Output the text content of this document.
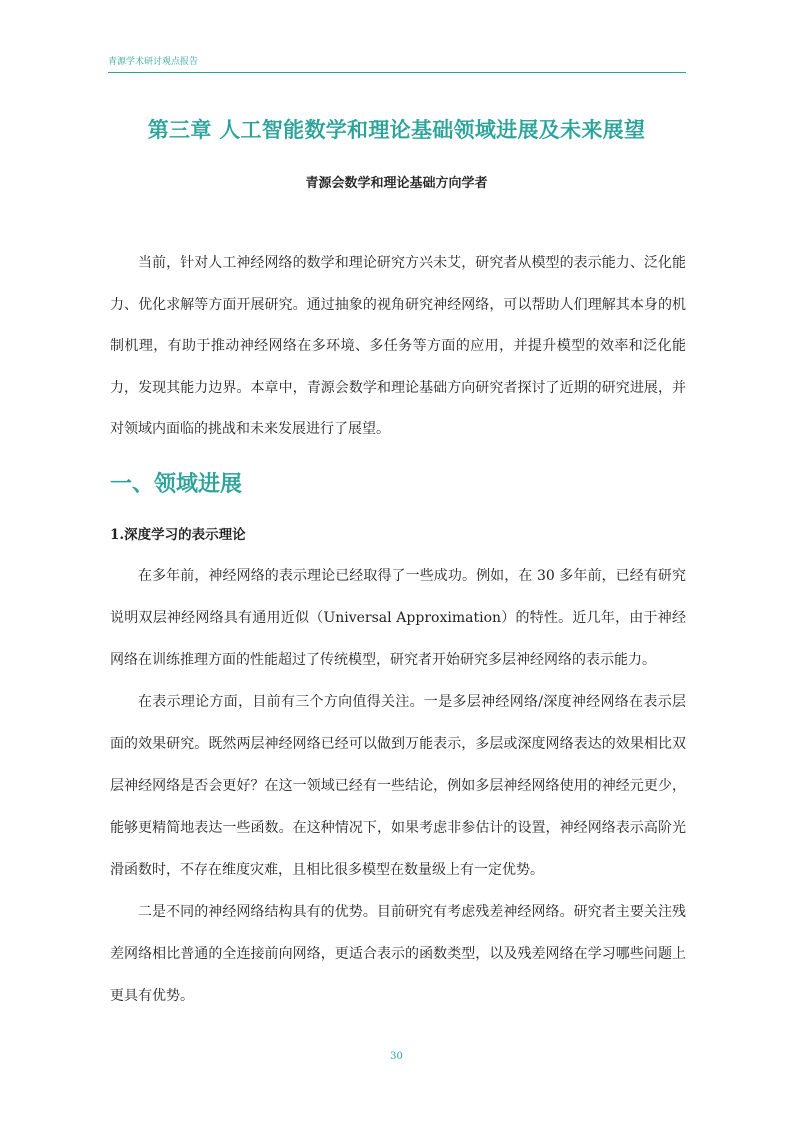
青源学术研讨观点报告
第三章 人工智能数学和理论基础领域进展及未来展望

青源会数学和理论基础方向学者

当前，针对人工神经网络的数学和理论研究方兴未艾，研究者从模型的表示能力、泛化能力、优化求解等方面开展研究。通过抽象的视角研究神经网络，可以帮助人们理解其本身的机制机理，有助于推动神经网络在多环境、多任务等方面的应用，并提升模型的效率和泛化能力，发现其能力边界。本章中，青源会数学和理论基础方向研究者探讨了近期的研究进展，并对领域内面临的挑战和未来发展进行了展望。

一、领域进展
1.深度学习的表示理论

在多年前，神经网络的表示理论已经取得了一些成功。例如，在 30 多年前，已经有研究说明双层神经网络具有通用近似（Universal Approximation）的特性。近几年，由于神经网络在训练推理方面的性能超过了传统模型，研究者开始研究多层神经网络的表示能力。

在表示理论方面，目前有三个方向值得关注。一是多层神经网络/深度神经网络在表示层面的效果研究。既然两层神经网络已经可以做到万能表示，多层或深度网络表达的效果相比双层神经网络是否会更好？在这一领域已经有一些结论，例如多层神经网络使用的神经元更少，能够更精简地表达一些函数。在这种情况下，如果考虑非参估计的设置，神经网络表示高阶光滑函数时，不存在维度灾难，且相比很多模型在数量级上有一定优势。

二是不同的神经网络结构具有的优势。目前研究有考虑残差神经网络。研究者主要关注残差网络相比普通的全连接前向网络，更适合表示的函数类型，以及残差网络在学习哪些问题上更具有优势。

30
